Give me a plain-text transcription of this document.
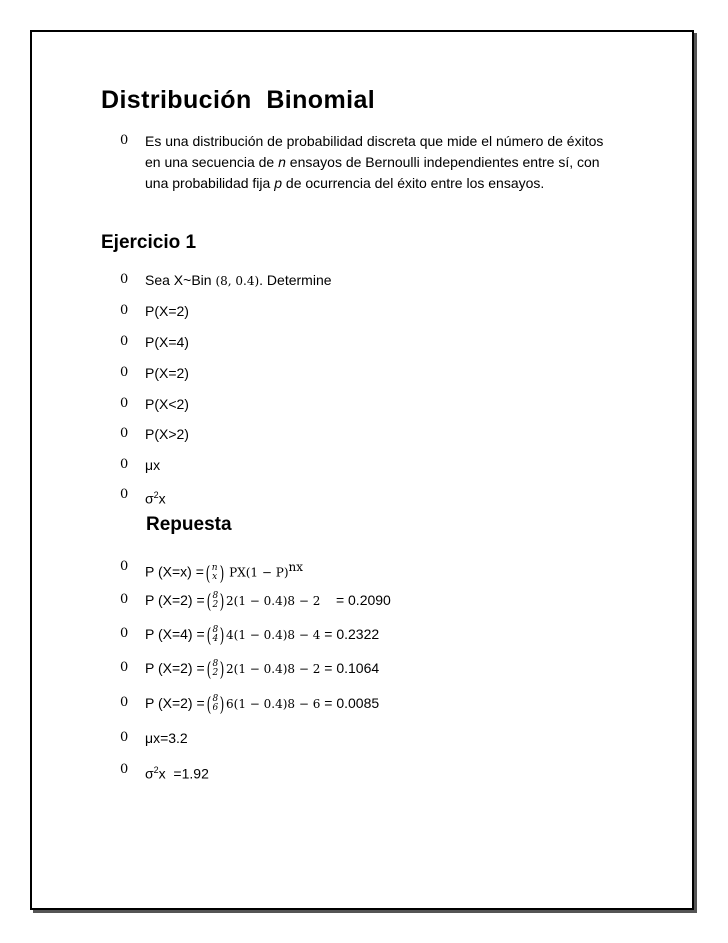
Distribución  Binomial
0 Es una distribución de probabilidad discreta que mide el número de éxitos
en una secuencia de n ensayos de Bernoulli independientes entre sí, con
una probabilidad fija p de ocurrencia del éxito entre los ensayos.
Ejercicio 1
0 Sea X~Bin (8, 0.4). Determine
0 P(X=2)
0 P(X=4)
0 P(X=2)
0 P(X<2)
0 P(X>2)
0 μx
0 $\sigma^2x$
Repuesta
0 P (X=x) = ( n
x ) $PX(1 - P)^{nx}$
0 P (X=2) = ( 8
2 ) 2(1 − 0.4)8 − 2    = 0.2090
0 P (X=4) = ( 8
4 ) 4(1 − 0.4)8 − 4 = 0.2322
0 P (X=2) = ( 8
2 ) 2(1 − 0.4)8 − 2 = 0.1064
0 P (X=2) = ( 8
6 ) 6(1 − 0.4)8 − 6 = 0.0085
0 μx=3.2
0 $\sigma^2x =1.92$
